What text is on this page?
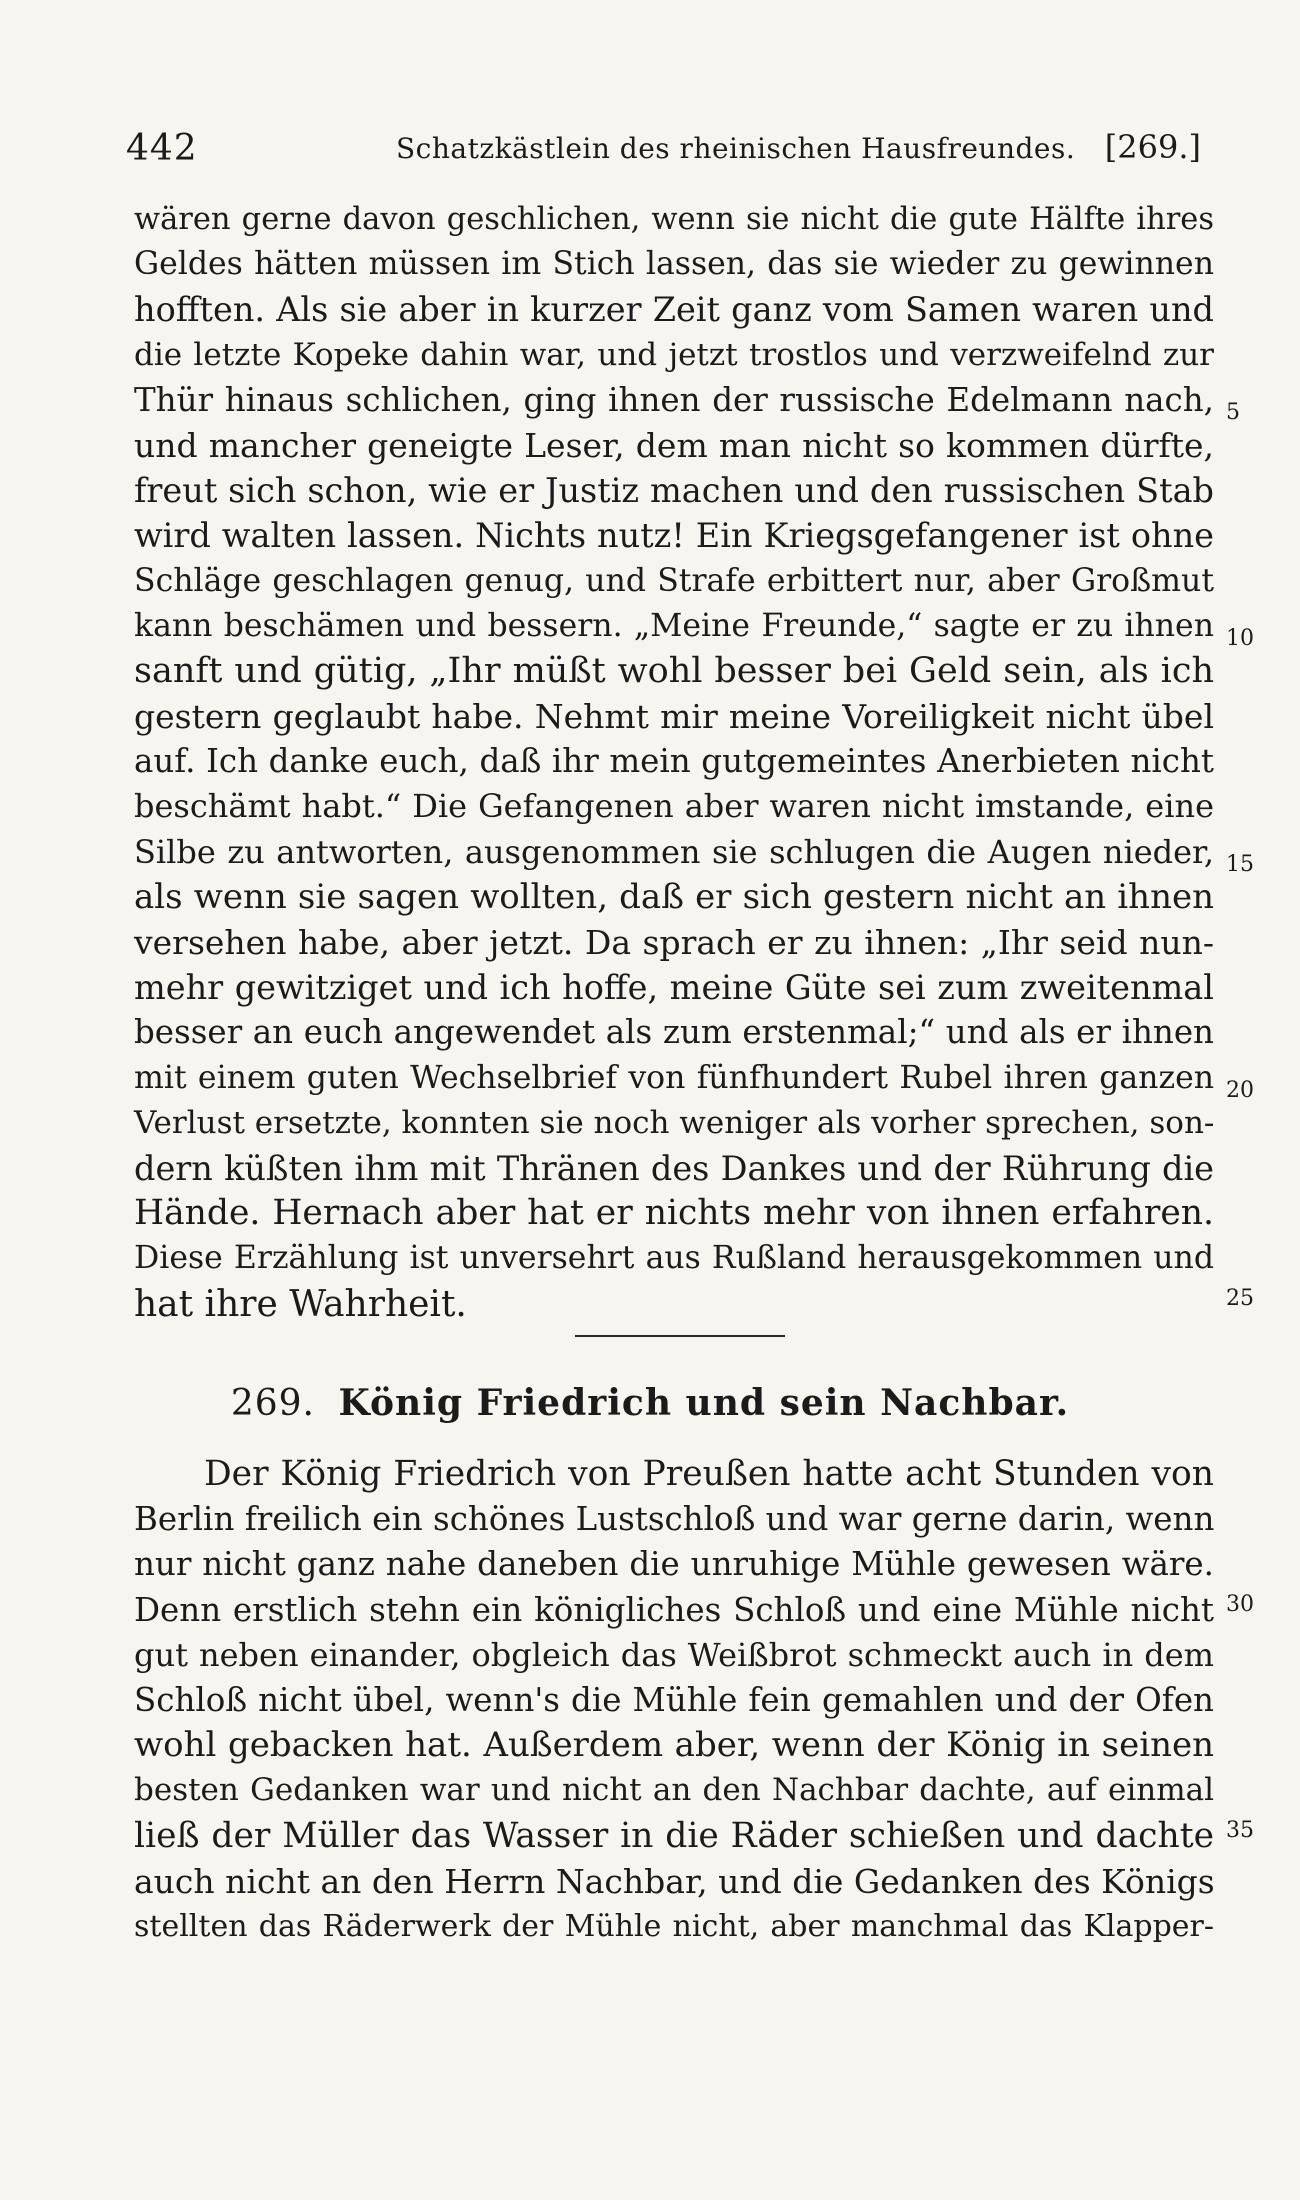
442	Schatzkästlein des rheinischen Hausfreundes. [269.]
wären gerne davon geschlichen, wenn sie nicht die gute Hälfte ihres
Geldes hätten müssen im Stich lassen, das sie wieder zu gewinnen
hofften. Als sie aber in kurzer Zeit ganz vom Samen waren und
die letzte Kopeke dahin war, und jetzt trostlos und verzweifelnd zur
Thür hinaus schlichen, ging ihnen der russische Edelmann nach,
und mancher geneigte Leser, dem man nicht so kommen dürfte,
freut sich schon, wie er Justiz machen und den russischen Stab
wird walten lassen. Nichts nutz! Ein Kriegsgefangener ist ohne
Schläge geschlagen genug, und Strafe erbittert nur, aber Großmut
kann beschämen und bessern. „Meine Freunde,“ sagte er zu ihnen
sanft und gütig, „Ihr müßt wohl besser bei Geld sein, als ich
gestern geglaubt habe. Nehmt mir meine Voreiligkeit nicht übel
auf. Ich danke euch, daß ihr mein gutgemeintes Anerbieten nicht
beschämt habt.“ Die Gefangenen aber waren nicht imstande, eine
Silbe zu antworten, ausgenommen sie schlugen die Augen nieder,
als wenn sie sagen wollten, daß er sich gestern nicht an ihnen
versehen habe, aber jetzt. Da sprach er zu ihnen: „Ihr seid nun-
mehr gewitziget und ich hoffe, meine Güte sei zum zweitenmal
besser an euch angewendet als zum erstenmal;“ und als er ihnen
mit einem guten Wechselbrief von fünfhundert Rubel ihren ganzen
Verlust ersetzte, konnten sie noch weniger als vorher sprechen, son-
dern küßten ihm mit Thränen des Dankes und der Rührung die
Hände. Hernach aber hat er nichts mehr von ihnen erfahren.
Diese Erzählung ist unversehrt aus Rußland herausgekommen und
hat ihre Wahrheit.
5
10
15
20
25
30
35
269. König Friedrich und sein Nachbar.
Der König Friedrich von Preußen hatte acht Stunden von
Berlin freilich ein schönes Lustschloß und war gerne darin, wenn
nur nicht ganz nahe daneben die unruhige Mühle gewesen wäre.
Denn erstlich stehn ein königliches Schloß und eine Mühle nicht
gut neben einander, obgleich das Weißbrot schmeckt auch in dem
Schloß nicht übel, wenn's die Mühle fein gemahlen und der Ofen
wohl gebacken hat. Außerdem aber, wenn der König in seinen
besten Gedanken war und nicht an den Nachbar dachte, auf einmal
ließ der Müller das Wasser in die Räder schießen und dachte
auch nicht an den Herrn Nachbar, und die Gedanken des Königs
stellten das Räderwerk der Mühle nicht, aber manchmal das Klapper-
